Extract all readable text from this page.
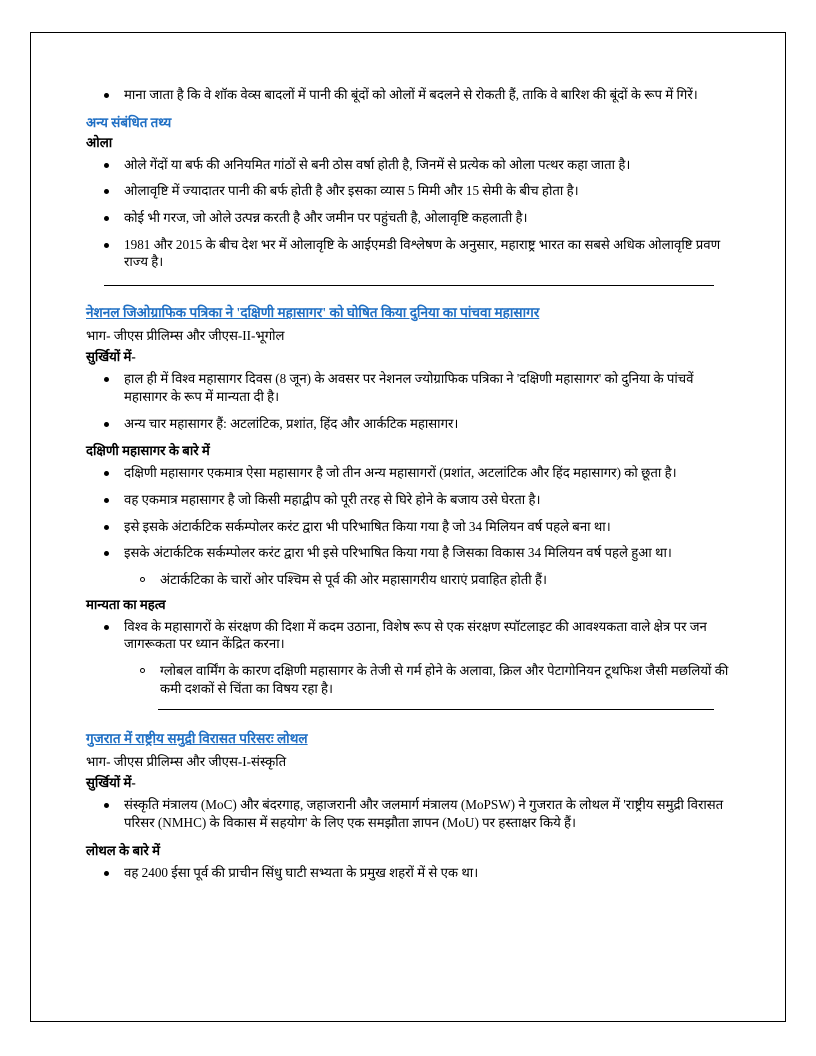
माना जाता है कि वे शॉक वेव्स बादलों में पानी की बूंदों को ओलों में बदलने से रोकती हैं, ताकि वे बारिश की बूंदों के रूप में गिरें।
अन्य संबंधित तथ्य
ओला
ओले गेंदों या बर्फ की अनियमित गांठों से बनी ठोस वर्षा होती है, जिनमें से प्रत्येक को ओला पत्थर कहा जाता है।
ओलावृष्टि में ज्यादातर पानी की बर्फ होती है और इसका व्यास 5 मिमी और 15 सेमी के बीच होता है।
कोई भी गरज, जो ओले उत्पन्न करती है और जमीन पर पहुंचती है, ओलावृष्टि कहलाती है।
1981 और 2015 के बीच देश भर में ओलावृष्टि के आईएमडी विश्लेषण के अनुसार, महाराष्ट्र भारत का सबसे अधिक ओलावृष्टि प्रवण राज्य है।
नेशनल जिओग्राफिक पत्रिका ने 'दक्षिणी महासागर' को घोषित किया दुनिया का पांचवा महासागर
भाग- जीएस प्रीलिम्स और जीएस-II-भूगोल
सुर्खियों में-
हाल ही में विश्व महासागर दिवस (8 जून) के अवसर पर नेशनल ज्योग्राफिक पत्रिका ने 'दक्षिणी महासागर' को दुनिया के पांचवें महासागर के रूप में मान्यता दी है।
अन्य चार महासागर हैं: अटलांटिक, प्रशांत, हिंद और आर्कटिक महासागर।
दक्षिणी महासागर के बारे में
दक्षिणी महासागर एकमात्र ऐसा महासागर है जो तीन अन्य महासागरों (प्रशांत, अटलांटिक और हिंद महासागर) को छूता है।
वह एकमात्र महासागर है जो किसी महाद्वीप को पूरी तरह से घिरे होने के बजाय उसे घेरता है।
इसे इसके अंटार्कटिक सर्कम्पोलर करंट द्वारा भी परिभाषित किया गया है जो 34 मिलियन वर्ष पहले बना था।
इसके अंटार्कटिक सर्कम्पोलर करंट द्वारा भी इसे परिभाषित किया गया है जिसका विकास 34 मिलियन वर्ष पहले हुआ था।
अंटार्कटिका के चारों ओर पश्चिम से पूर्व की ओर महासागरीय धाराएं प्रवाहित होती हैं।
मान्यता का महत्व
विश्व के महासागरों के संरक्षण की दिशा में कदम उठाना, विशेष रूप से एक संरक्षण स्पॉटलाइट की आवश्यकता वाले क्षेत्र पर जन जागरूकता पर ध्यान केंद्रित करना।
ग्लोबल वार्मिंग के कारण दक्षिणी महासागर के तेजी से गर्म होने के अलावा, क्रिल और पेटागोनियन टूथफिश जैसी मछलियों की कमी दशकों से चिंता का विषय रहा है।
गुजरात में राष्ट्रीय समुद्री विरासत परिसरः लोथल
भाग- जीएस प्रीलिम्स और जीएस-I-संस्कृति
सुर्खियों में-
संस्कृति मंत्रालय (MoC) और बंदरगाह, जहाजरानी और जलमार्ग मंत्रालय (MoPSW) ने गुजरात के लोथल में 'राष्ट्रीय समुद्री विरासत परिसर (NMHC) के विकास में सहयोग' के लिए एक समझौता ज्ञापन (MoU) पर हस्ताक्षर किये हैं।
लोथल के बारे में
वह 2400 ईसा पूर्व की प्राचीन सिंधु घाटी सभ्यता के प्रमुख शहरों में से एक था।
